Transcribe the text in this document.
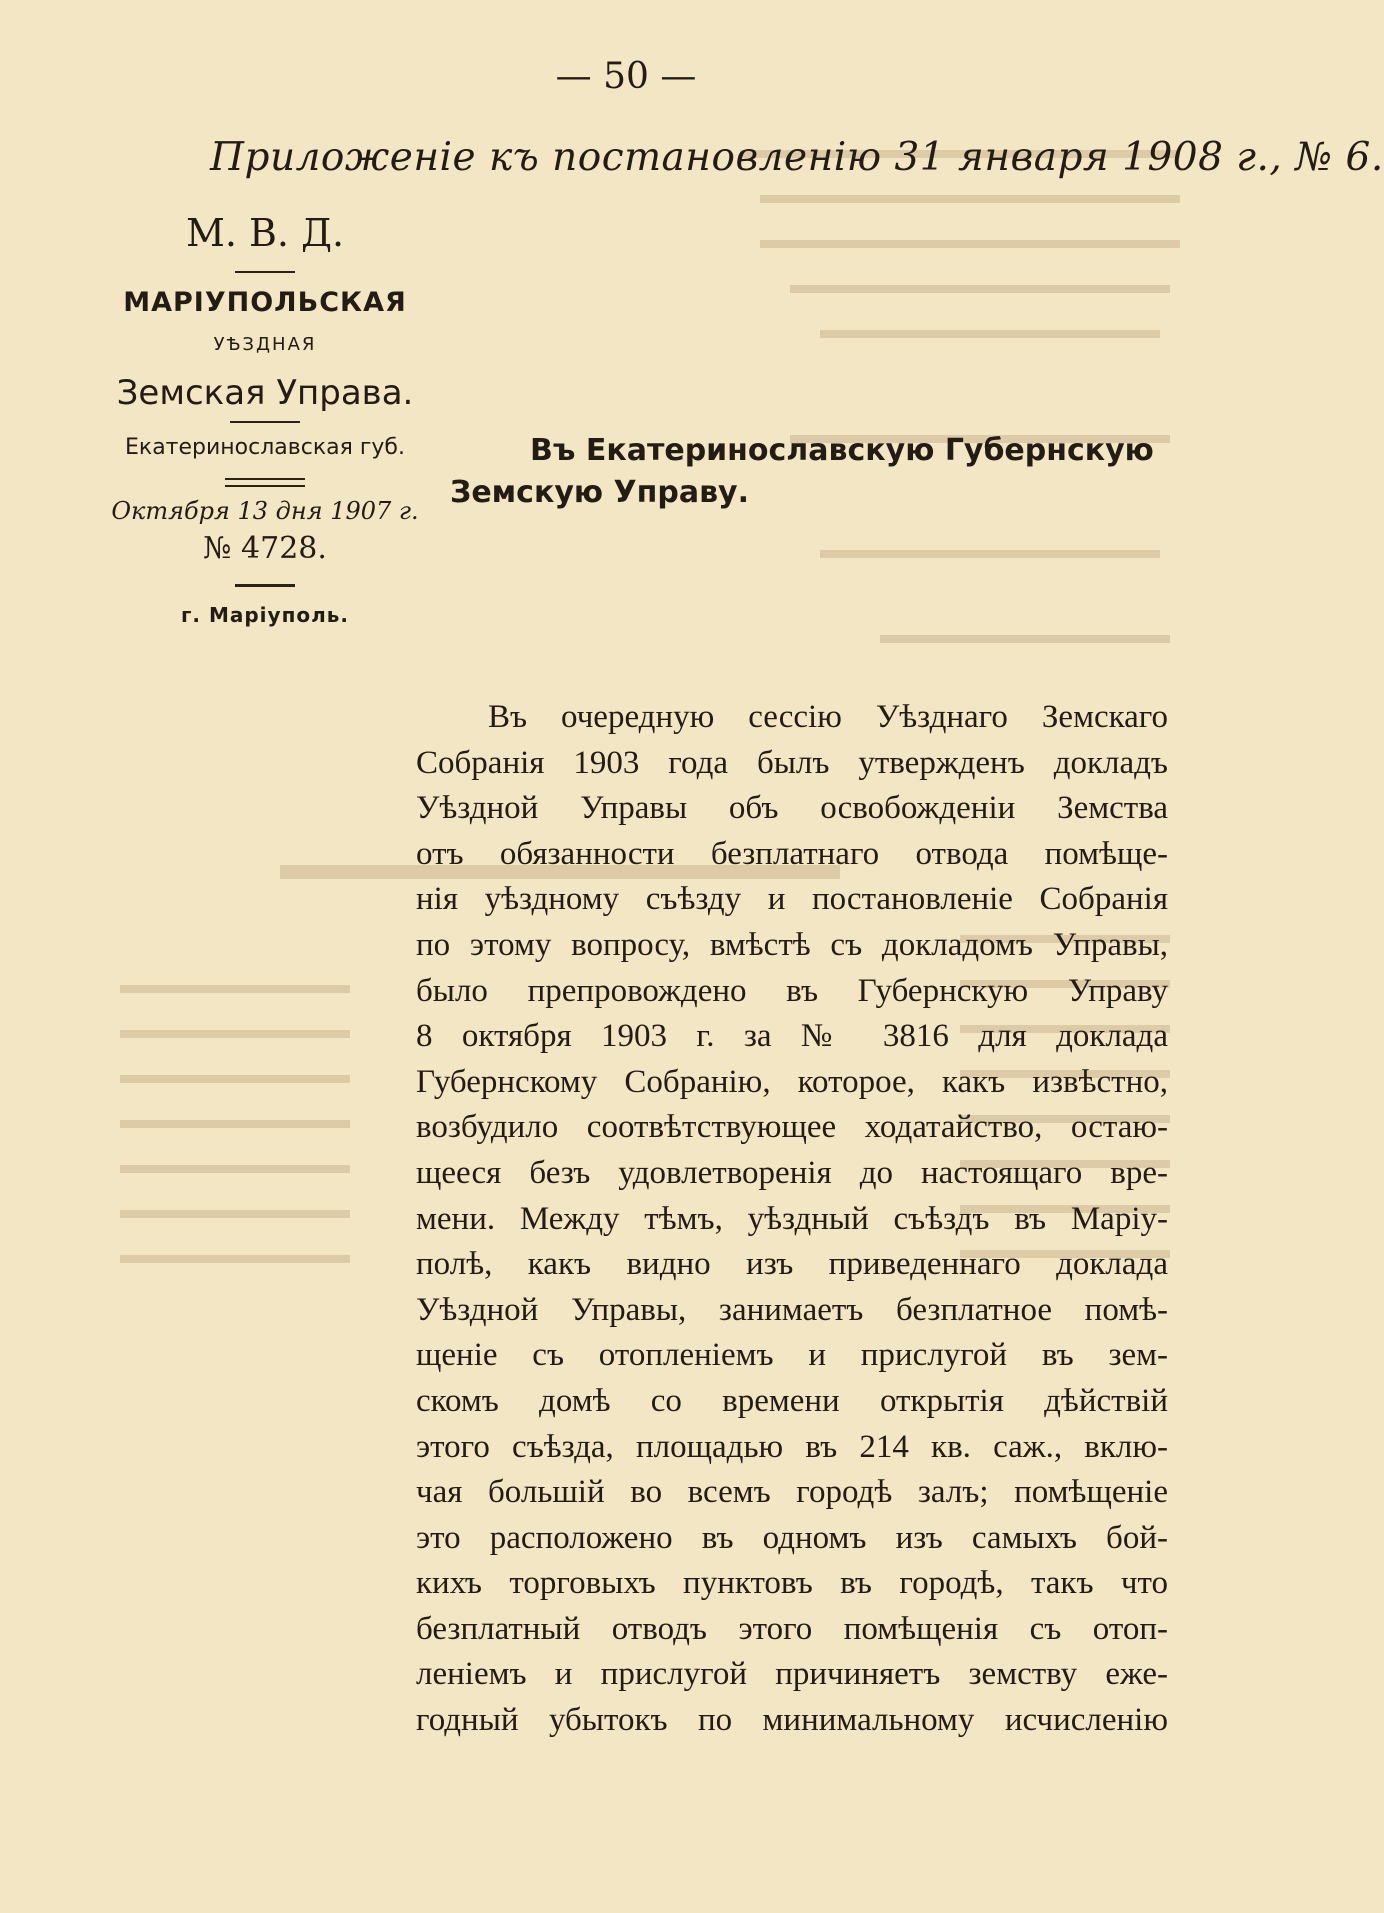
— 50 —
Приложенiе къ постановленiю 31 января 1908 г., № 6.
М. В. Д.
МАРIУПОЛЬСКАЯ
УѢЗДНАЯ
Земская Управа.
Екатеринославская губ.
Октября 13 дня 1907 г.
№ 4728.
г. Марiуполь.
Въ Екатеринославскую Губернскую
Земскую Управу.
Въ очередную сессiю Уѣзднаго Земскаго
Собранiя 1903 года былъ утвержденъ докладъ
Уѣздной Управы объ освобожденiи Земства
отъ обязанности безплатнаго отвода помѣще-
нiя уѣздному съѣзду и постановленiе Собранiя
по этому вопросу, вмѣстѣ съ докладомъ Управы,
было препровождено въ Губернскую Управу
8 октября 1903 г. за № 3816 для доклада
Губернскому Собранiю, которое, какъ извѣстно,
возбудило соотвѣтствующее ходатайство, остаю-
щееся безъ удовлетворенiя до настоящаго вре-
мени. Между тѣмъ, уѣздный съѣздъ въ Марiу-
полѣ, какъ видно изъ приведеннаго доклада
Уѣздной Управы, занимаетъ безплатное помѣ-
щенiе съ отопленiемъ и прислугой въ зем-
скомъ домѣ со времени открытiя дѣйствiй
этого съѣзда, площадью въ 214 кв. саж., вклю-
чая большiй во всемъ городѣ залъ; помѣщенiе
это расположено въ одномъ изъ самыхъ бой-
кихъ торговыхъ пунктовъ въ городѣ, такъ что
безплатный отводъ этого помѣщенiя съ отоп-
ленiемъ и прислугой причиняетъ земству еже-
годный убытокъ по минимальному исчисленiю
